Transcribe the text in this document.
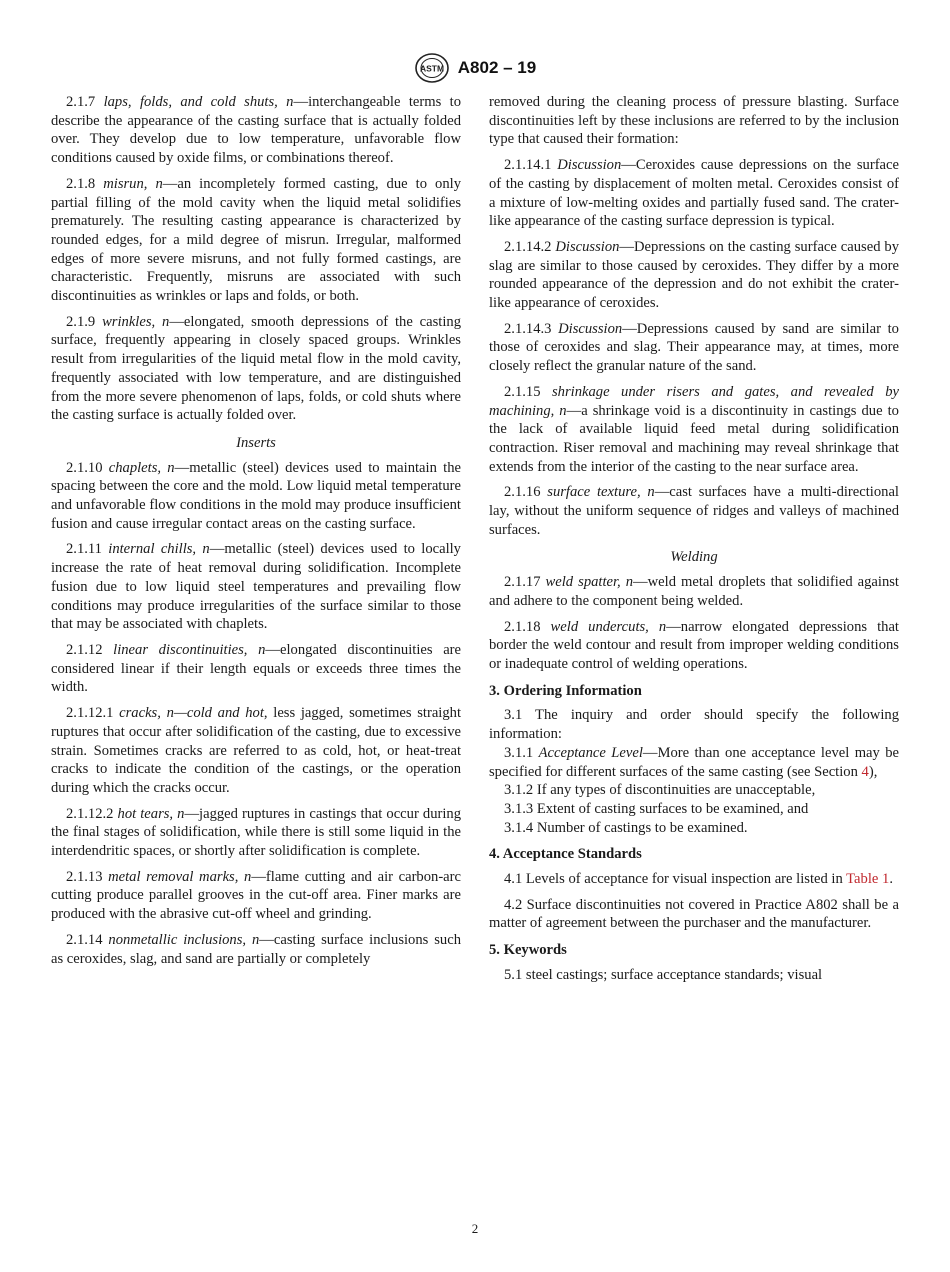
ASTM A802 – 19

2.1.7 laps, folds, and cold shuts, n—interchangeable terms to describe the appearance of the casting surface that is actually folded over. They develop due to low temperature, unfavorable flow conditions caused by oxide films, or combinations thereof.

2.1.8 misrun, n—an incompletely formed casting, due to only partial filling of the mold cavity when the liquid metal solidifies prematurely. The resulting casting appearance is characterized by rounded edges, for a mild degree of misrun. Irregular, malformed edges of more severe misruns, and not fully formed castings, are characteristic. Frequently, misruns are associated with such discontinuities as wrinkles or laps and folds, or both.

2.1.9 wrinkles, n—elongated, smooth depressions of the casting surface, frequently appearing in closely spaced groups. Wrinkles result from irregularities of the liquid metal flow in the mold cavity, frequently associated with low temperature, and are distinguished from the more severe phenomenon of laps, folds, or cold shuts where the casting surface is actually folded over.

Inserts

2.1.10 chaplets, n—metallic (steel) devices used to maintain the spacing between the core and the mold. Low liquid metal temperature and unfavorable flow conditions in the mold may produce insufficient fusion and cause irregular contact areas on the casting surface.

2.1.11 internal chills, n—metallic (steel) devices used to locally increase the rate of heat removal during solidification. Incomplete fusion due to low liquid steel temperatures and prevailing flow conditions may produce irregularities of the surface similar to those that may be associated with chaplets.

2.1.12 linear discontinuities, n—elongated discontinuities are considered linear if their length equals or exceeds three times the width.

2.1.12.1 cracks, n—cold and hot, less jagged, sometimes straight ruptures that occur after solidification of the casting, due to excessive strain. Sometimes cracks are referred to as cold, hot, or heat-treat cracks to indicate the condition of the castings, or the operation during which the cracks occur.

2.1.12.2 hot tears, n—jagged ruptures in castings that occur during the final stages of solidification, while there is still some liquid in the interdendritic spaces, or shortly after solidification is complete.

2.1.13 metal removal marks, n—flame cutting and air carbon-arc cutting produce parallel grooves in the cut-off area. Finer marks are produced with the abrasive cut-off wheel and grinding.

2.1.14 nonmetallic inclusions, n—casting surface inclusions such as ceroxides, slag, and sand are partially or completely

removed during the cleaning process of pressure blasting. Surface discontinuities left by these inclusions are referred to by the inclusion type that caused their formation:

2.1.14.1 Discussion—Ceroxides cause depressions on the surface of the casting by displacement of molten metal. Ceroxides consist of a mixture of low-melting oxides and partially fused sand. The crater-like appearance of the casting surface depression is typical.

2.1.14.2 Discussion—Depressions on the casting surface caused by slag are similar to those caused by ceroxides. They differ by a more rounded appearance of the depression and do not exhibit the crater-like appearance of ceroxides.

2.1.14.3 Discussion—Depressions caused by sand are similar to those of ceroxides and slag. Their appearance may, at times, more closely reflect the granular nature of the sand.

2.1.15 shrinkage under risers and gates, and revealed by machining, n—a shrinkage void is a discontinuity in castings due to the lack of available liquid feed metal during solidification contraction. Riser removal and machining may reveal shrinkage that extends from the interior of the casting to the near surface area.

2.1.16 surface texture, n—cast surfaces have a multi-directional lay, without the uniform sequence of ridges and valleys of machined surfaces.

Welding

2.1.17 weld spatter, n—weld metal droplets that solidified against and adhere to the component being welded.

2.1.18 weld undercuts, n—narrow elongated depressions that border the weld contour and result from improper welding conditions or inadequate control of welding operations.

3. Ordering Information

3.1 The inquiry and order should specify the following information:

3.1.1 Acceptance Level—More than one acceptance level may be specified for different surfaces of the same casting (see Section 4),

3.1.2 If any types of discontinuities are unacceptable,

3.1.3 Extent of casting surfaces to be examined, and

3.1.4 Number of castings to be examined.

4. Acceptance Standards

4.1 Levels of acceptance for visual inspection are listed in Table 1.

4.2 Surface discontinuities not covered in Practice A802 shall be a matter of agreement between the purchaser and the manufacturer.

5. Keywords

5.1 steel castings; surface acceptance standards; visual

2
